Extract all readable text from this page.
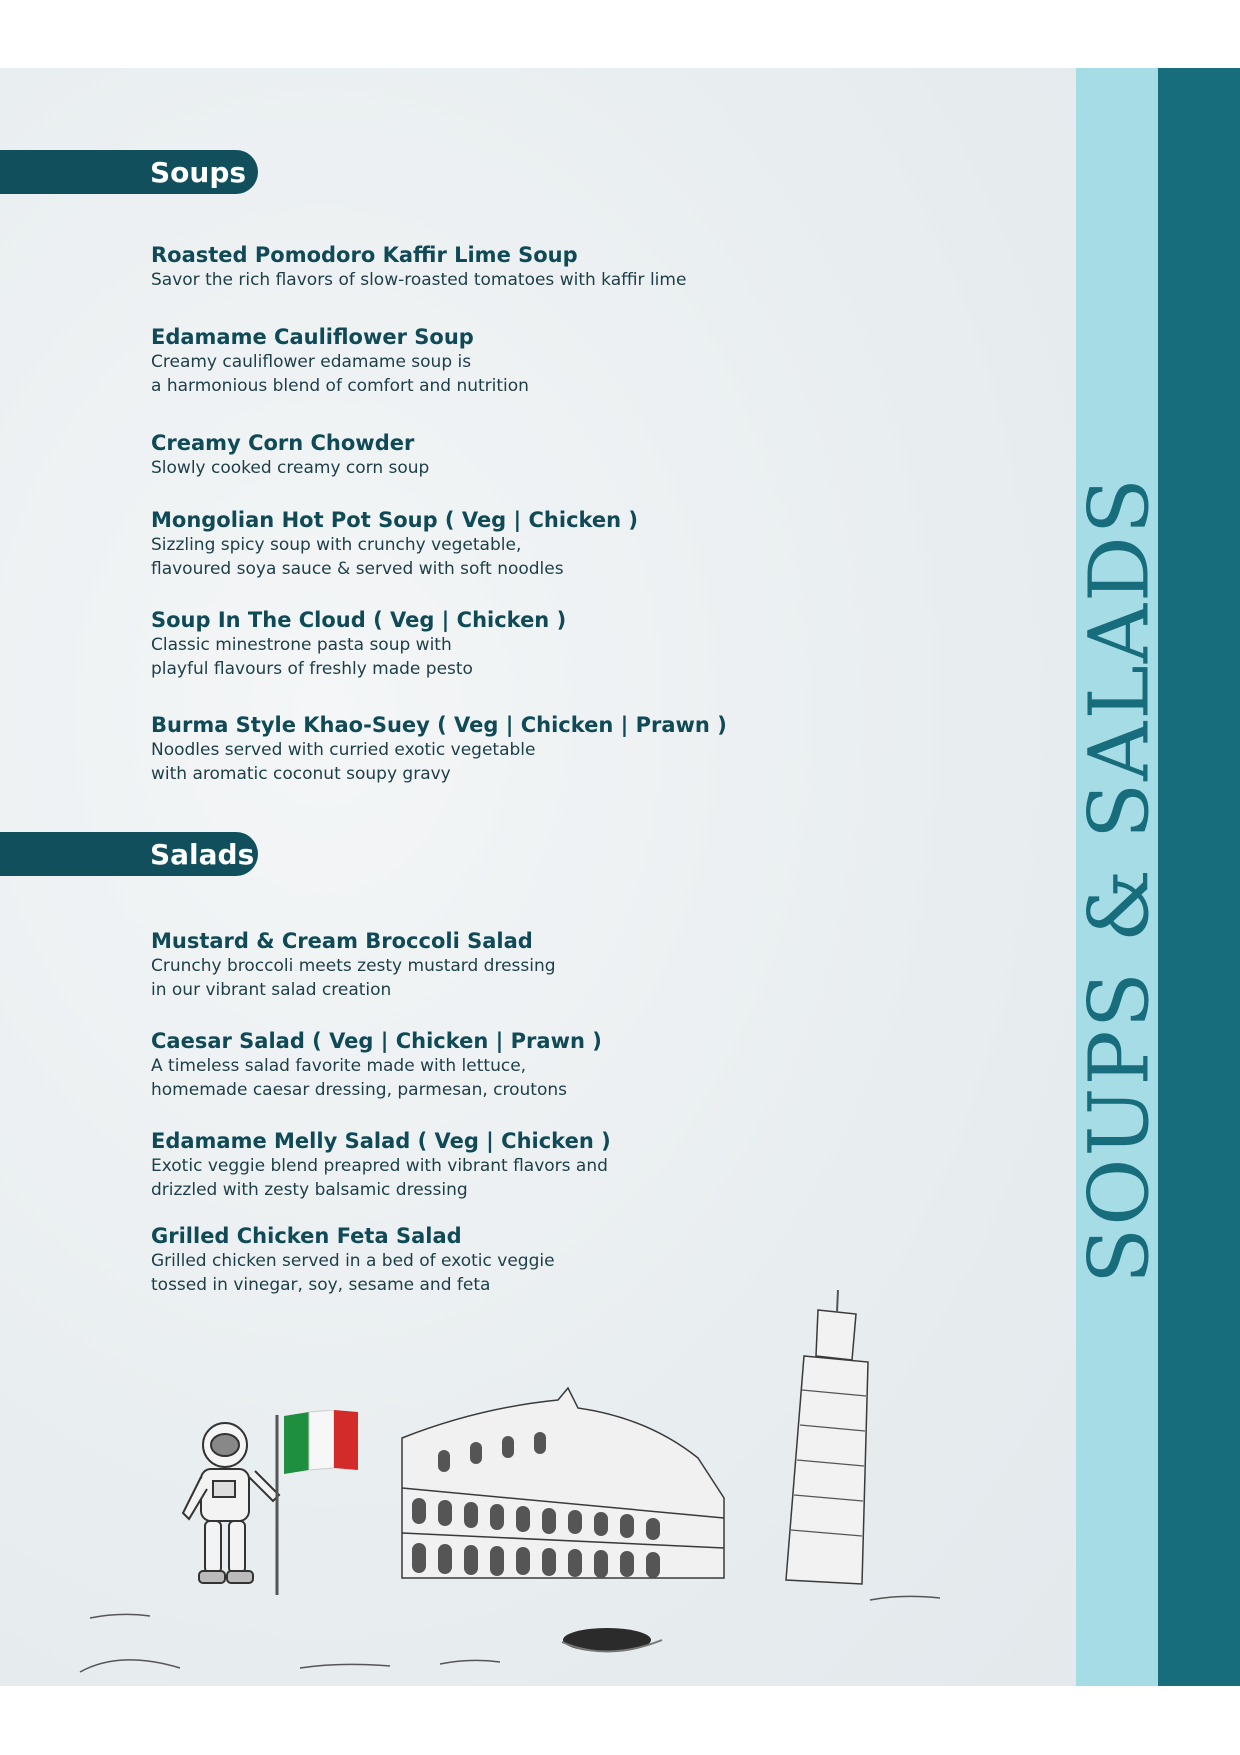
SOUPS & SALADS
Soups
Roasted Pomodoro Kaffir Lime Soup
Savor the rich flavors of slow-roasted tomatoes with kaffir lime
Edamame Cauliflower Soup
Creamy cauliflower edamame soup is
a harmonious blend of comfort and nutrition
Creamy Corn Chowder
Slowly cooked creamy corn soup
Mongolian Hot Pot Soup ( Veg | Chicken )
Sizzling spicy soup with crunchy vegetable,
flavoured soya sauce & served with soft noodles
Soup In The Cloud ( Veg | Chicken )
Classic minestrone pasta soup with
playful flavours of freshly made pesto
Burma Style Khao-Suey ( Veg | Chicken | Prawn )
Noodles served with curried exotic vegetable
with aromatic coconut soupy gravy
Salads
Mustard & Cream Broccoli Salad
Crunchy broccoli meets zesty mustard dressing
in our vibrant salad creation
Caesar Salad ( Veg | Chicken | Prawn )
A timeless salad favorite made with lettuce,
homemade caesar dressing, parmesan, croutons
Edamame Melly Salad ( Veg | Chicken )
Exotic veggie blend preapred with vibrant flavors and
drizzled with zesty balsamic dressing
Grilled Chicken Feta Salad
Grilled chicken served in a bed of exotic veggie
tossed in vinegar, soy, sesame and feta
